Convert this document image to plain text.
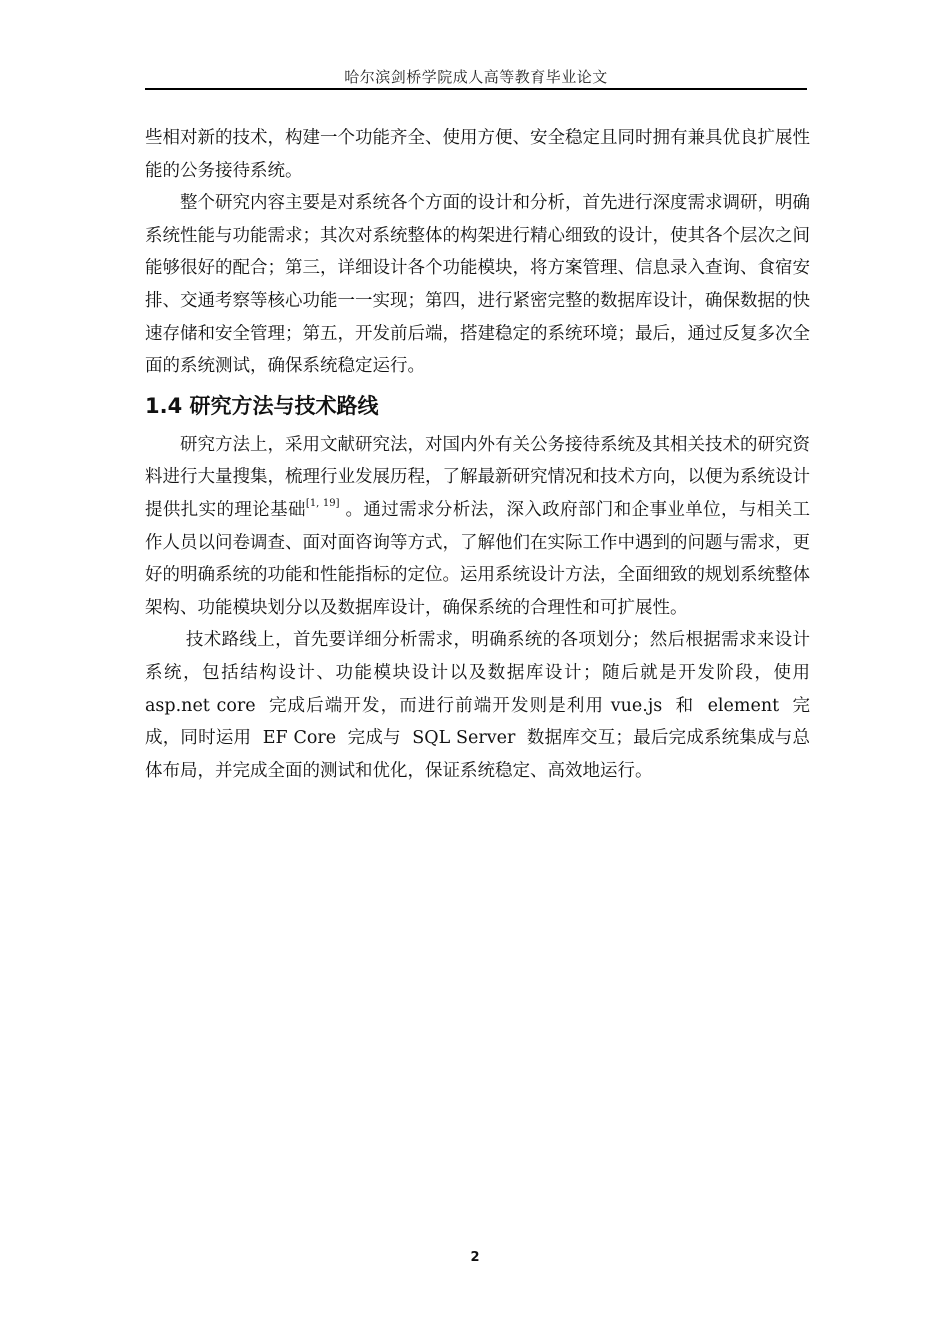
哈尔滨剑桥学院成人高等教育毕业论文

些相对新的技术，构建一个功能齐全、使用方便、安全稳定且同时拥有兼具优良扩展性能的公务接待系统。

整个研究内容主要是对系统各个方面的设计和分析，首先进行深度需求调研，明确系统性能与功能需求；其次对系统整体的构架进行精心细致的设计，使其各个层次之间能够很好的配合；第三，详细设计各个功能模块，将方案管理、信息录入查询、食宿安排、交通考察等核心功能一一实现；第四，进行紧密完整的数据库设计，确保数据的快速存储和安全管理；第五，开发前后端，搭建稳定的系统环境；最后，通过反复多次全面的系统测试，确保系统稳定运行。

1.4 研究方法与技术路线

研究方法上，采用文献研究法，对国内外有关公务接待系统及其相关技术的研究资料进行大量搜集，梳理行业发展历程，了解最新研究情况和技术方向，以便为系统设计提供扎实的理论基础[1, 19] 。通过需求分析法，深入政府部门和企事业单位，与相关工作人员以问卷调查、面对面咨询等方式，了解他们在实际工作中遇到的问题与需求，更好的明确系统的功能和性能指标的定位。运用系统设计方法，全面细致的规划系统整体架构、功能模块划分以及数据库设计，确保系统的合理性和可扩展性。

技术路线上，首先要详细分析需求，明确系统的各项划分；然后根据需求来设计系统，包括结构设计、功能模块设计以及数据库设计；随后就是开发阶段，使用 asp.net core  完成后端开发，而进行前端开发则是利用 vue.js  和  element  完  成，同时运用  EF Core  完成与  SQL Server  数据库交互；最后完成系统集成与总  体布局，并完成全面的测试和优化，保证系统稳定、高效地运行。

2
